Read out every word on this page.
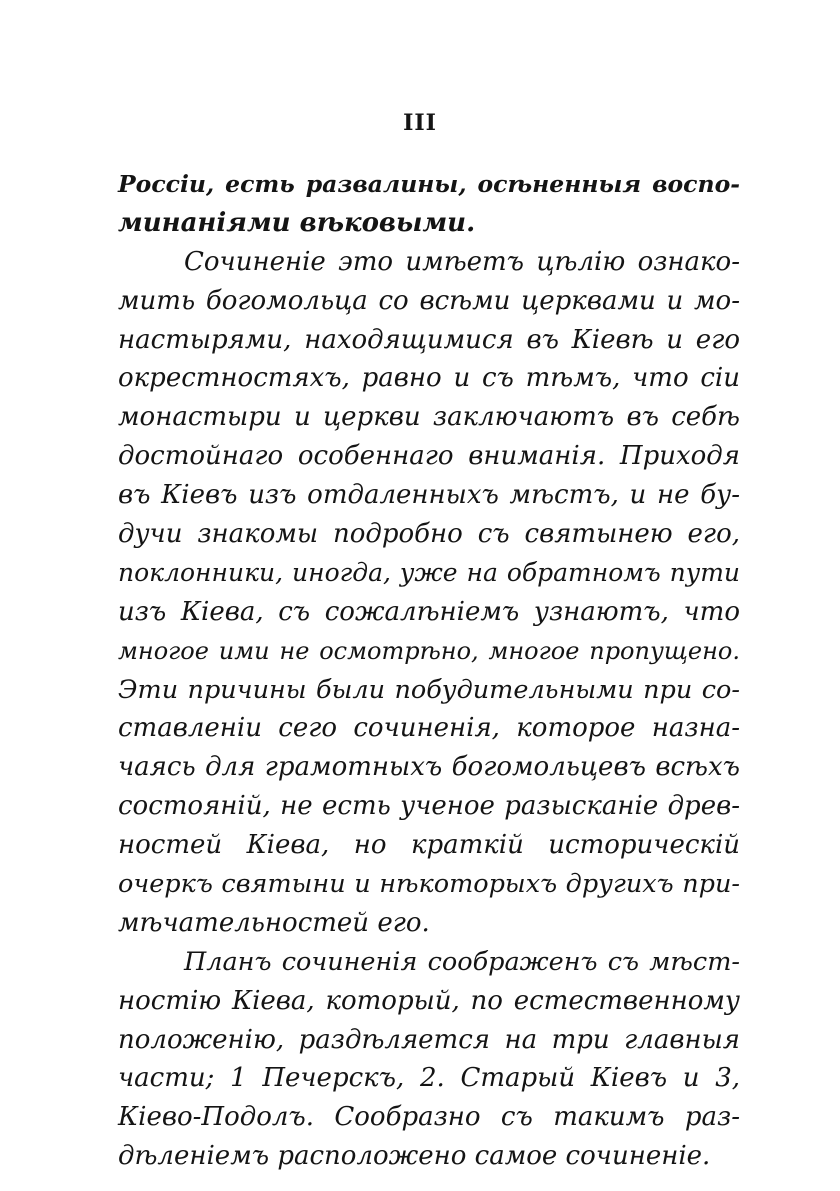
III
Россіи, есть развалины, осѣненныя воспо-
минаніями вѣковыми.
Сочиненіе это имѣетъ цѣлію ознако-
мить богомольца со всѣми церквами и мо-
настырями, находящимися въ Кіевѣ и его
окрестностяхъ, равно и съ тѣмъ, что сіи
монастыри и церкви заключаютъ въ себѣ
достойнаго особеннаго вниманія. Приходя
въ Кіевъ изъ отдаленныхъ мѣстъ, и не бу-
дучи знакомы подробно съ святынею его,
поклонники, иногда, уже на обратномъ пути
изъ Кіева, съ сожалѣніемъ узнаютъ, что
многое ими не осмотрѣно, многое пропущено.
Эти причины были побудительными при со-
ставленіи сего сочиненія, которое назна-
чаясь для грамотныхъ богомольцевъ всѣхъ
состояній, не есть ученое разысканіе древ-
ностей Кіева, но краткій историческій
очеркъ святыни и нѣкоторыхъ другихъ при-
мѣчательностей его.
Планъ сочиненія соображенъ съ мѣст-
ностію Кіева, который, по естественному
положенію, раздѣляется на три главныя
части; 1 Печерскъ, 2. Старый Кіевъ и 3,
Кіево-Подолъ. Сообразно съ такимъ раз-
дѣленіемъ расположено самое сочиненіе.
